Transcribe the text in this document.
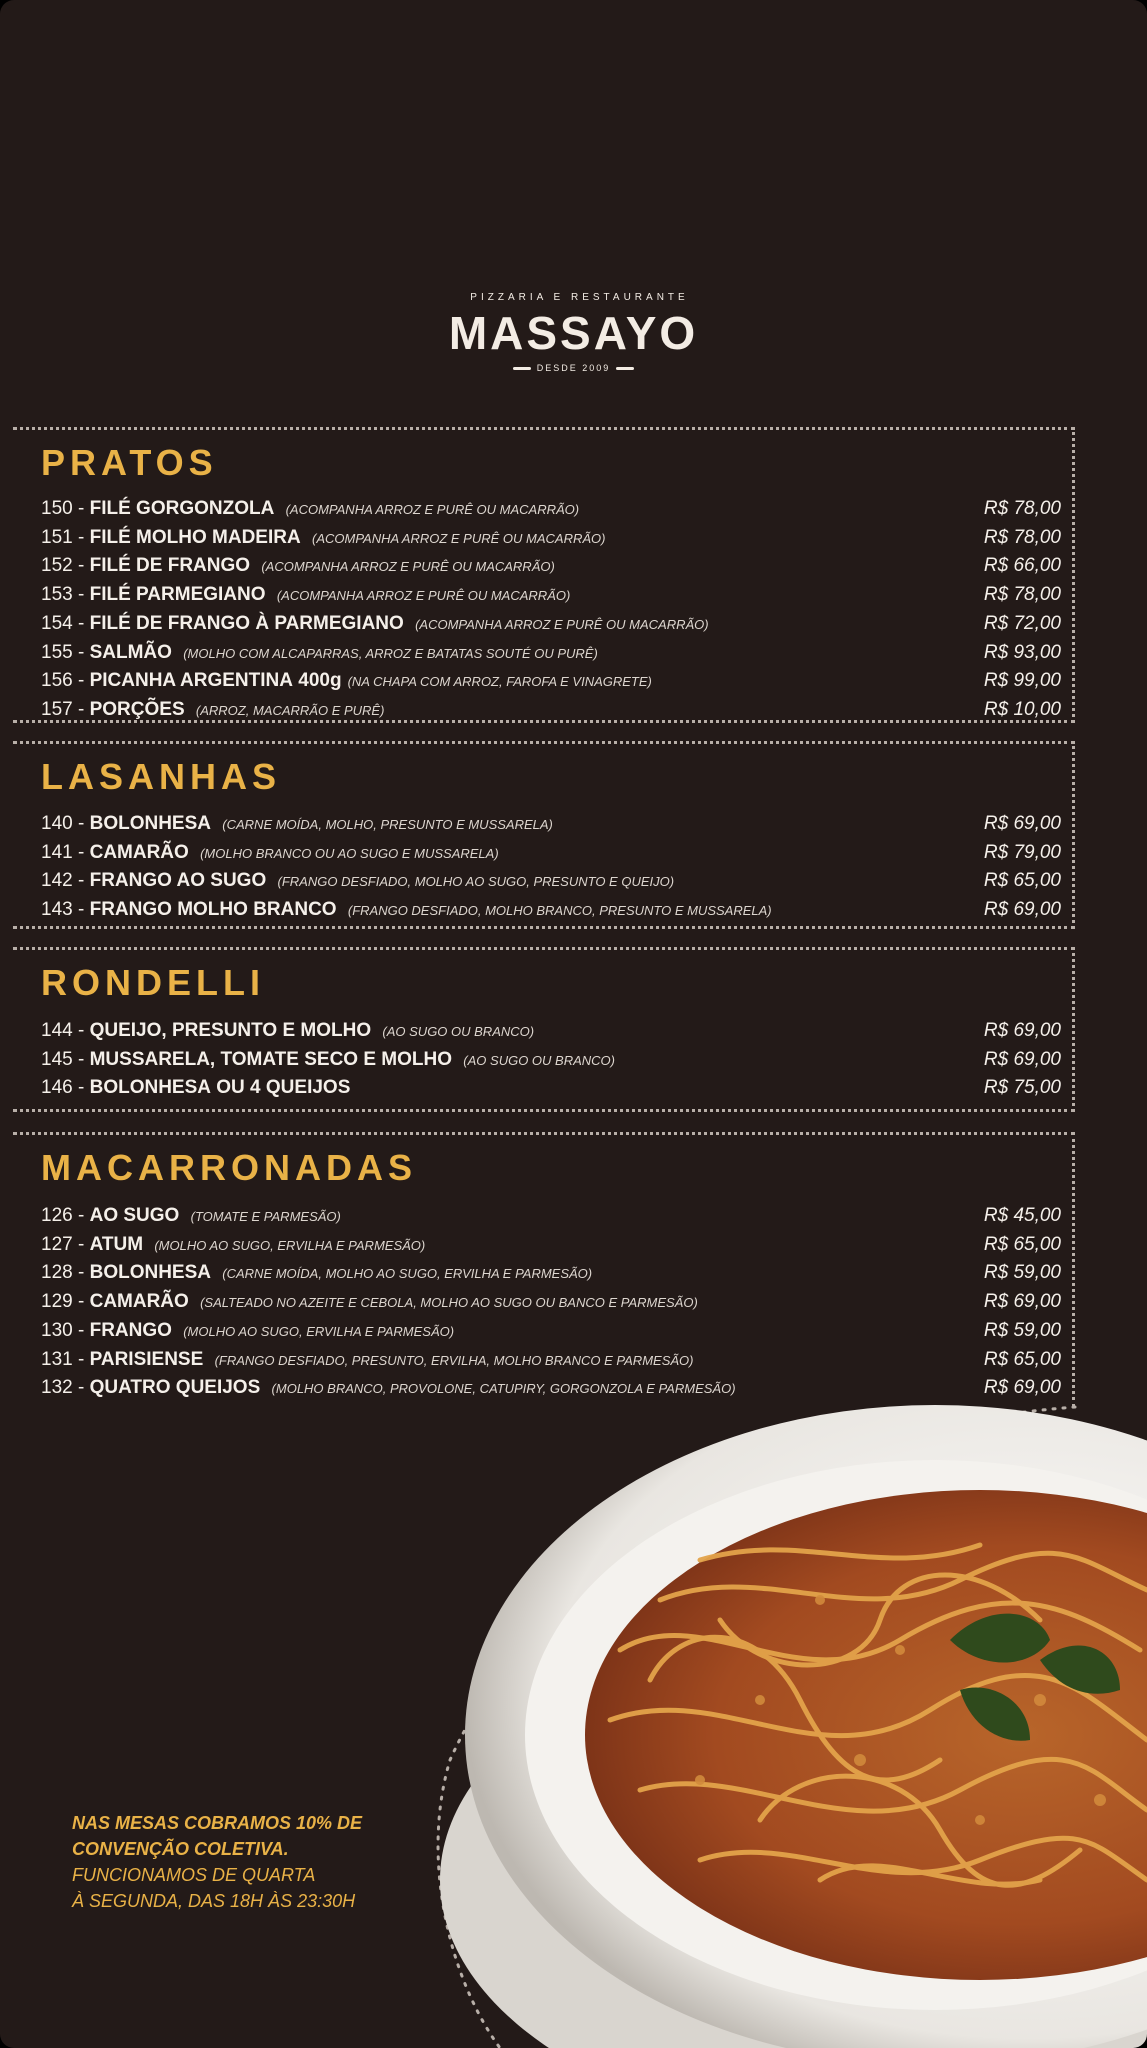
PIZZARIA E RESTAURANTE
MASSAYO
DESDE 2009
PRATOS
150 - FILÉ GORGONZOLA (ACOMPANHA ARROZ E PURÊ OU MACARRÃO)	R$ 78,00
151 - FILÉ MOLHO MADEIRA (ACOMPANHA ARROZ E PURÊ OU MACARRÃO)	R$ 78,00
152 - FILÉ DE FRANGO (ACOMPANHA ARROZ E PURÊ OU MACARRÃO)	R$ 66,00
153 - FILÉ PARMEGIANO (ACOMPANHA ARROZ E PURÊ OU MACARRÃO)	R$ 78,00
154 - FILÉ DE FRANGO À PARMEGIANO (ACOMPANHA ARROZ E PURÊ OU MACARRÃO)	R$ 72,00
155 - SALMÃO (MOLHO COM ALCAPARRAS, ARROZ E BATATAS SOUTÉ OU PURÊ)	R$ 93,00
156 - PICANHA ARGENTINA 400g (NA CHAPA COM ARROZ, FAROFA E VINAGRETE)	R$ 99,00
157 - PORÇÕES (ARROZ, MACARRÃO E PURÊ)	R$ 10,00
LASANHAS
140 - BOLONHESA (CARNE MOÍDA, MOLHO, PRESUNTO E MUSSARELA)	R$ 69,00
141 - CAMARÃO (MOLHO BRANCO OU AO SUGO E MUSSARELA)	R$ 79,00
142 - FRANGO AO SUGO (FRANGO DESFIADO, MOLHO AO SUGO, PRESUNTO E QUEIJO)	R$ 65,00
143 - FRANGO MOLHO BRANCO (FRANGO DESFIADO, MOLHO BRANCO, PRESUNTO E MUSSARELA)	R$ 69,00
RONDELLI
144 - QUEIJO, PRESUNTO E MOLHO (AO SUGO OU BRANCO)	R$ 69,00
145 - MUSSARELA, TOMATE SECO E MOLHO (AO SUGO OU BRANCO)	R$ 69,00
146 - BOLONHESA OU 4 QUEIJOS	R$ 75,00
MACARRONADAS
126 - AO SUGO (TOMATE E PARMESÃO)	R$ 45,00
127 - ATUM (MOLHO AO SUGO, ERVILHA E PARMESÃO)	R$ 65,00
128 - BOLONHESA (CARNE MOÍDA, MOLHO AO SUGO, ERVILHA E PARMESÃO)	R$ 59,00
129 - CAMARÃO (SALTEADO NO AZEITE E CEBOLA, MOLHO AO SUGO OU BANCO E PARMESÃO)	R$ 69,00
130 - FRANGO (MOLHO AO SUGO, ERVILHA E PARMESÃO)	R$ 59,00
131 - PARISIENSE (FRANGO DESFIADO, PRESUNTO, ERVILHA, MOLHO BRANCO E PARMESÃO)	R$ 65,00
132 - QUATRO QUEIJOS (MOLHO BRANCO, PROVOLONE, CATUPIRY, GORGONZOLA E PARMESÃO)	R$ 69,00
NAS MESAS COBRAMOS 10% DE
CONVENÇÃO COLETIVA.
FUNCIONAMOS DE QUARTA
À SEGUNDA, DAS 18H ÀS 23:30H
